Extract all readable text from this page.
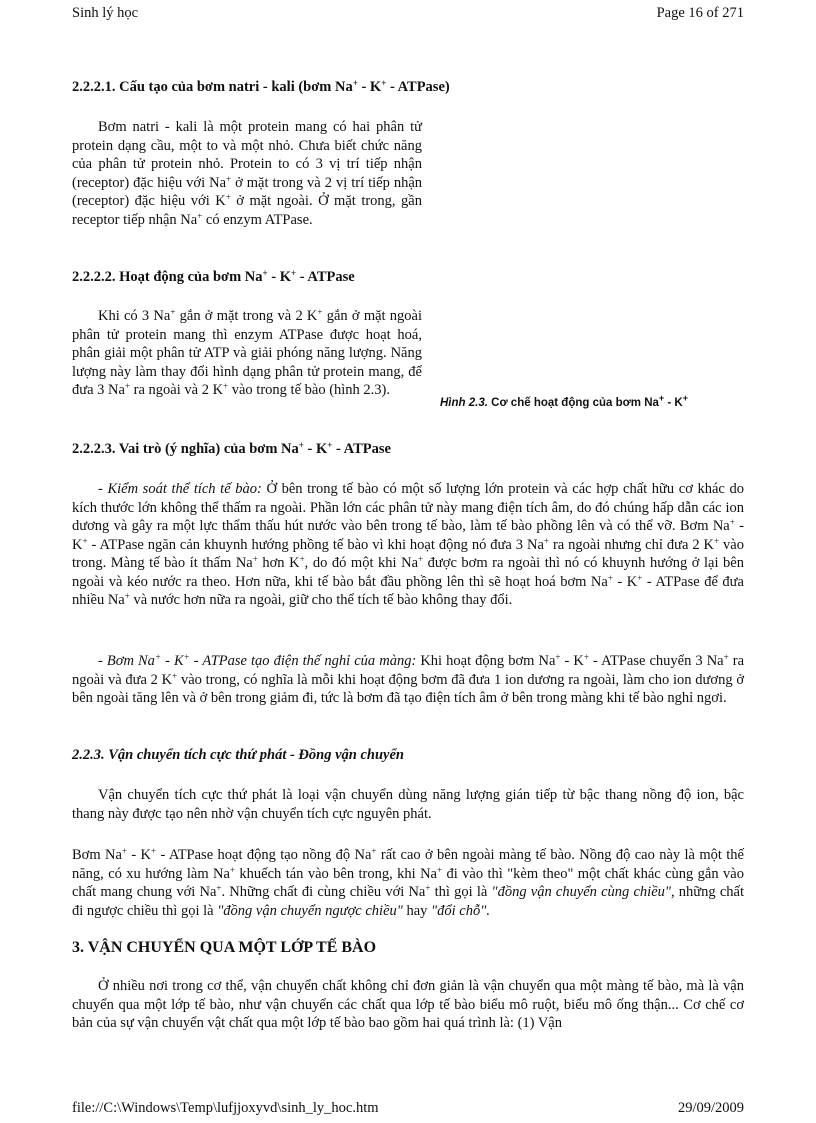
Sinh lý học	Page 16 of 271
2.2.2.1. Cấu tạo của bơm natri - kali (bơm Na+ - K+ - ATPase)
Bơm natri - kali là một protein mang có hai phân tử protein dạng cầu, một to và một nhỏ. Chưa biết chức năng của phân tử protein nhỏ. Protein to có 3 vị trí tiếp nhận (receptor) đặc hiệu với Na+ ở mặt trong và 2 vị trí tiếp nhận (receptor) đặc hiệu với K+ ở mặt ngoài. Ở mặt trong, gần receptor tiếp nhận Na+ có enzym ATPase.
2.2.2.2. Hoạt động của bơm Na+ - K+ - ATPase
Khi có 3 Na+ gắn ở mặt trong và 2 K+ gắn ở mặt ngoài phân tử protein mang thì enzym ATPase được hoạt hoá, phân giải một phân tử ATP và giải phóng năng lượng. Năng lượng này làm thay đổi hình dạng phân tử protein mang, để đưa 3 Na+ ra ngoài và 2 K+ vào trong tế bào (hình 2.3).
Hình 2.3. Cơ chế hoạt động của bơm Na+ - K+
2.2.2.3. Vai trò (ý nghĩa) của bơm Na+ - K+ - ATPase
- Kiểm soát thể tích tế bào: Ở bên trong tế bào có một số lượng lớn protein và các hợp chất hữu cơ khác do kích thước lớn không thể thấm ra ngoài. Phần lớn các phân tử này mang điện tích âm, do đó chúng hấp dẫn các ion dương và gây ra một lực thẩm thấu hút nước vào bên trong tế bào, làm tế bào phồng lên và có thể vỡ. Bơm Na+ - K+ - ATPase ngăn cản khuynh hướng phồng tế bào vì khi hoạt động nó đưa 3 Na+ ra ngoài nhưng chỉ đưa 2 K+ vào trong. Màng tế bào ít thấm Na+ hơn K+, do đó một khi Na+ được bơm ra ngoài thì nó có khuynh hướng ở lại bên ngoài và kéo nước ra theo. Hơn nữa, khi tế bào bắt đầu phồng lên thì sẽ hoạt hoá bơm Na+ - K+ - ATPase để đưa nhiều Na+ và nước hơn nữa ra ngoài, giữ cho thể tích tế bào không thay đổi.
- Bơm Na+ - K+ - ATPase tạo điện thế nghỉ của màng: Khi hoạt động bơm Na+ - K+ - ATPase chuyển 3 Na+ ra ngoài và đưa 2 K+ vào trong, có nghĩa là mỗi khi hoạt động bơm đã đưa 1 ion dương ra ngoài, làm cho ion dương ở bên ngoài tăng lên và ở bên trong giảm đi, tức là bơm đã tạo điện tích âm ở bên trong màng khi tế bào nghỉ ngơi.
2.2.3. Vận chuyển tích cực thứ phát - Đồng vận chuyển
Vận chuyển tích cực thứ phát là loại vận chuyển dùng năng lượng gián tiếp từ bậc thang nồng độ ion, bậc thang này được tạo nên nhờ vận chuyển tích cực nguyên phát.
Bơm Na+ - K+ - ATPase hoạt động tạo nồng độ Na+ rất cao ở bên ngoài màng tế bào. Nồng độ cao này là một thế năng, có xu hướng làm Na+ khuếch tán vào bên trong, khi Na+ đi vào thì "kèm theo" một chất khác cùng gắn vào chất mang chung với Na+. Những chất đi cùng chiều với Na+ thì gọi là "đồng vận chuyển cùng chiều", những chất đi ngược chiều thì gọi là "đồng vận chuyển ngược chiều" hay "đổi chỗ".
3. VẬN CHUYỂN QUA MỘT LỚP TẾ BÀO
Ở nhiều nơi trong cơ thể, vận chuyển chất không chỉ đơn giản là vận chuyển qua một màng tế bào, mà là vận chuyển qua một lớp tế bào, như vận chuyển các chất qua lớp tế bào biểu mô ruột, biểu mô ống thận... Cơ chế cơ bản của sự vận chuyển vật chất qua một lớp tế bào bao gồm hai quá trình là: (1) Vận
file://C:\Windows\Temp\lufjjoxyvd\sinh_ly_hoc.htm	29/09/2009
